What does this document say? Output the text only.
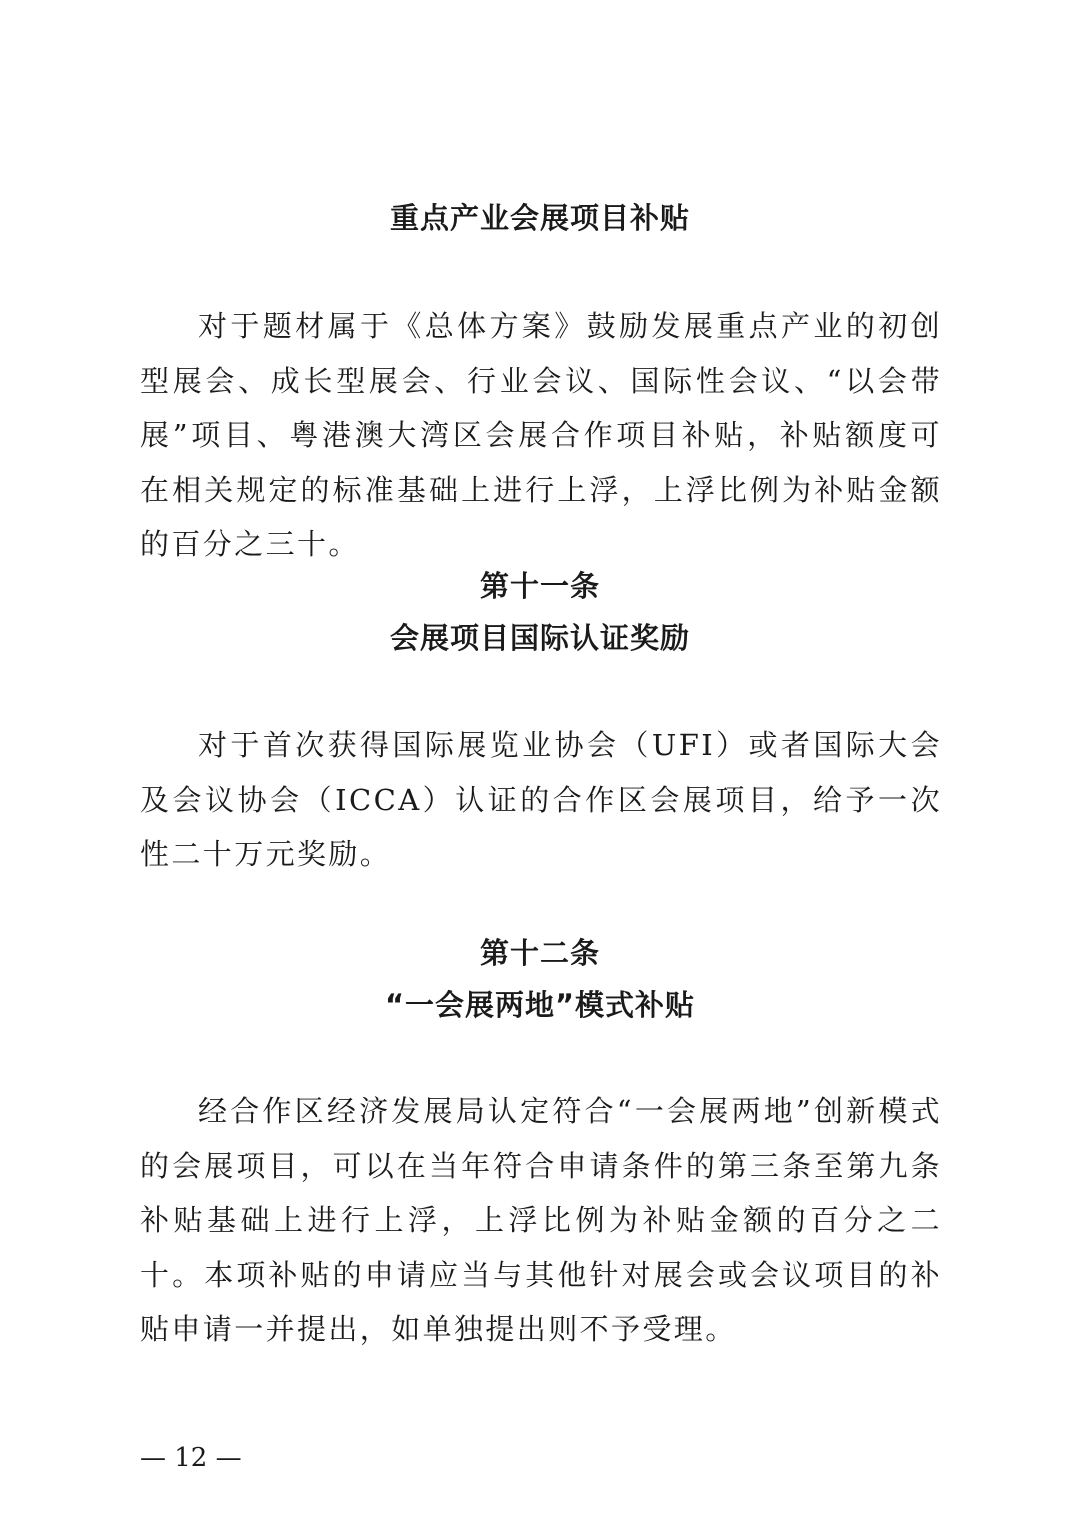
重点产业会展项目补贴

对于题材属于《总体方案》鼓励发展重点产业的初创型展会、成长型展会、行业会议、国际性会议、“以会带展”项目、粤港澳大湾区会展合作项目补贴，补贴额度可在相关规定的标准基础上进行上浮，上浮比例为补贴金额的百分之三十。

第十一条
会展项目国际认证奖励

对于首次获得国际展览业协会（UFI）或者国际大会及会议协会（ICCA）认证的合作区会展项目，给予一次性二十万元奖励。

第十二条
“一会展两地”模式补贴

经合作区经济发展局认定符合“一会展两地”创新模式的会展项目，可以在当年符合申请条件的第三条至第九条补贴基础上进行上浮，上浮比例为补贴金额的百分之二十。本项补贴的申请应当与其他针对展会或会议项目的补贴申请一并提出，如单独提出则不予受理。

— 12 —
